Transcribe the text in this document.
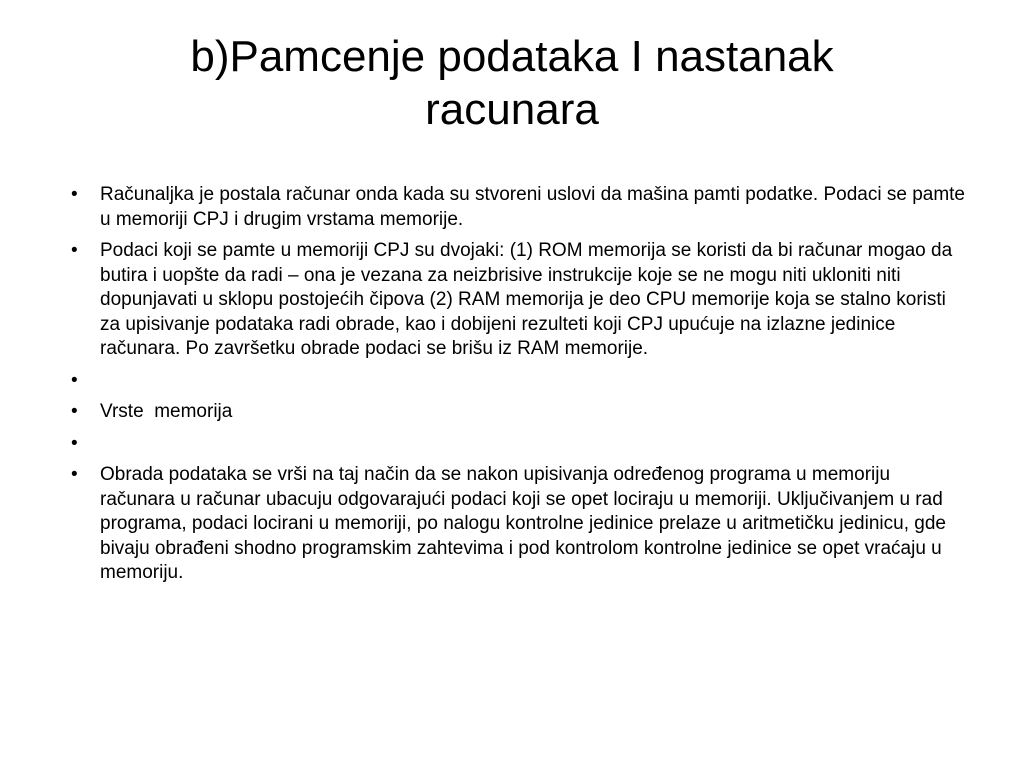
b)Pamcenje podataka I nastanak
racunara
• Računaljka je postala računar onda kada su stvoreni uslovi da mašina pamti podatke. Podaci se pamte u memoriji CPJ i drugim vrstama memorije.
• Podaci koji se pamte u memoriji CPJ su dvojaki: (1) ROM memorija se koristi da bi računar mogao da butira i uopšte da radi – ona je vezana za neizbrisive instrukcije koje se ne mogu niti ukloniti niti dopunjavati u sklopu postojećih čipova (2) RAM memorija je deo CPU memorije koja se stalno koristi za upisivanje podataka radi obrade, kao i dobijeni rezulteti koji CPJ upućuje na izlazne jedinice računara. Po završetku obrade podaci se brišu iz RAM memorije.
•
• Vrste  memorija
•
• Obrada podataka se vrši na taj način da se nakon upisivanja određenog programa u memoriju računara u računar ubacuju odgovarajući podaci koji se opet lociraju u memoriji. Uključivanjem u rad programa, podaci locirani u memoriji, po nalogu kontrolne jedinice prelaze u aritmetičku jedinicu, gde bivaju obrađeni shodno programskim zahtevima i pod kontrolom kontrolne jedinice se opet vraćaju u memoriju.
